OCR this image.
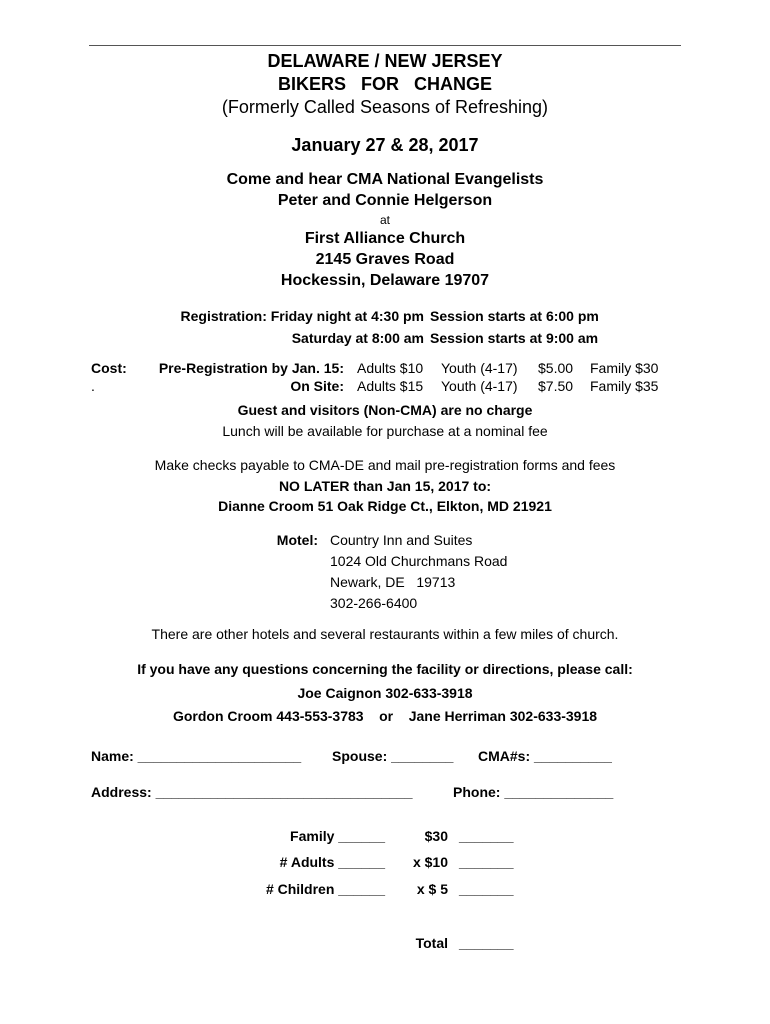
DELAWARE / NEW JERSEY
BIKERS   FOR   CHANGE
(Formerly Called Seasons of Refreshing)
January 27 & 28, 2017
Come and hear CMA National Evangelists
Peter and Connie Helgerson
at
First Alliance Church
2145 Graves Road
Hockessin, Delaware 19707
Registration: Friday night at 4:30 pm Session starts at 6:00 pm
Saturday at 8:00 am Session starts at 9:00 am
Cost:
.
Pre-Registration by Jan. 15: Adults $10 Youth (4-17) $5.00 Family $30
On Site: Adults $15 Youth (4-17) $7.50 Family $35
Guest and visitors (Non-CMA) are no charge
Lunch will be available for purchase at a nominal fee
Make checks payable to CMA-DE and mail pre-registration forms and fees
NO LATER than Jan 15, 2017 to:
Dianne Croom 51 Oak Ridge Ct., Elkton, MD 21921
Motel: Country Inn and Suites
1024 Old Churchmans Road
Newark, DE   19713
302-266-6400
There are other hotels and several restaurants within a few miles of church.
If you have any questions concerning the facility or directions, please call:
Joe Caignon 302-633-3918
Gordon Croom 443-553-3783    or    Jane Herriman 302-633-3918
Name: _____________________ Spouse: ________ CMA#s: __________
Address: _________________________________	Phone: ______________
Family ______	$30 _______
# Adults ______ x $10 _______
# Children ______ x $ 5 _______
Total _______
